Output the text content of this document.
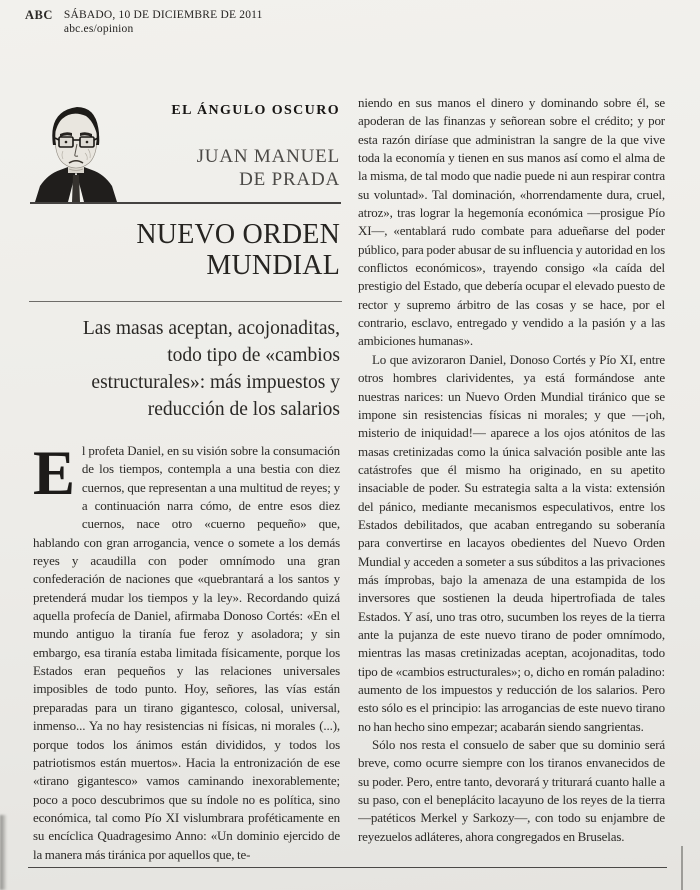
ABC SÁBADO, 10 DE DICIEMBRE DE 2011
abc.es/opinion
EL ÁNGULO OSCURO
JUAN MANUEL
DE PRADA
NUEVO ORDEN
MUNDIAL
Las masas aceptan, acojonaditas,
todo tipo de «cambios
estructurales»: más impuestos y
reducción de los salarios

El profeta Daniel, en su visión sobre la consumación de los tiempos, contempla a una bestia con diez cuernos, que representan a una multitud de reyes; y a continuación narra cómo, de entre esos diez cuernos, nace otro «cuerno pequeño» que, hablando con gran arrogancia, vence o somete a los demás reyes y acaudilla con poder omnímodo una gran confederación de naciones que «quebrantará a los santos y pretenderá mudar los tiempos y la ley». Recordando quizá aquella profecía de Daniel, afirmaba Donoso Cortés: «En el mundo antiguo la tiranía fue feroz y asoladora; y sin embargo, esa tiranía estaba limitada físicamente, porque los Estados eran pequeños y las relaciones universales imposibles de todo punto. Hoy, señores, las vías están preparadas para un tirano gigantesco, colosal, universal, inmenso... Ya no hay resistencias ni físicas, ni morales (...), porque todos los ánimos están divididos, y todos los patriotismos están muertos». Hacia la entronización de ese «tirano gigantesco» vamos caminando inexorablemente; poco a poco descubrimos que su índole no es política, sino económica, tal como Pío XI vislumbrara proféticamente en su encíclica Quadragesimo Anno: «Un dominio ejercido de la manera más tiránica por aquellos que, te-

niendo en sus manos el dinero y dominando sobre él, se apoderan de las finanzas y señorean sobre el crédito; y por esta razón diríase que administran la sangre de la que vive toda la economía y tienen en sus manos así como el alma de la misma, de tal modo que nadie puede ni aun respirar contra su voluntad». Tal dominación, «horrendamente dura, cruel, atroz», tras lograr la hegemonía económica —prosigue Pío XI—, «entablará rudo combate para adueñarse del poder público, para poder abusar de su influencia y autoridad en los conflictos económicos», trayendo consigo «la caída del prestigio del Estado, que debería ocupar el elevado puesto de rector y supremo árbitro de las cosas y se hace, por el contrario, esclavo, entregado y vendido a la pasión y a las ambiciones humanas».

Lo que avizoraron Daniel, Donoso Cortés y Pío XI, entre otros hombres clarividentes, ya está formándose ante nuestras narices: un Nuevo Orden Mundial tiránico que se impone sin resistencias físicas ni morales; y que —¡oh, misterio de iniquidad!— aparece a los ojos atónitos de las masas cretinizadas como la única salvación posible ante las catástrofes que él mismo ha originado, en su apetito insaciable de poder. Su estrategia salta a la vista: extensión del pánico, mediante mecanismos especulativos, entre los Estados debilitados, que acaban entregando su soberanía para convertirse en lacayos obedientes del Nuevo Orden Mundial y acceden a someter a sus súbditos a las privaciones más ímprobas, bajo la amenaza de una estampida de los inversores que sostienen la deuda hipertrofiada de tales Estados. Y así, uno tras otro, sucumben los reyes de la tierra ante la pujanza de este nuevo tirano de poder omnímodo, mientras las masas cretinizadas aceptan, acojonaditas, todo tipo de «cambios estructurales»; o, dicho en román paladino: aumento de los impuestos y reducción de los salarios. Pero esto sólo es el principio: las arrogancias de este nuevo tirano no han hecho sino empezar; acabarán siendo sangrientas.

Sólo nos resta el consuelo de saber que su dominio será breve, como ocurre siempre con los tiranos envanecidos de su poder. Pero, entre tanto, devorará y triturará cuanto halle a su paso, con el beneplácito lacayuno de los reyes de la tierra —patéticos Merkel y Sarkozy—, con todo su enjambre de reyezuelos adláteres, ahora congregados en Bruselas.
